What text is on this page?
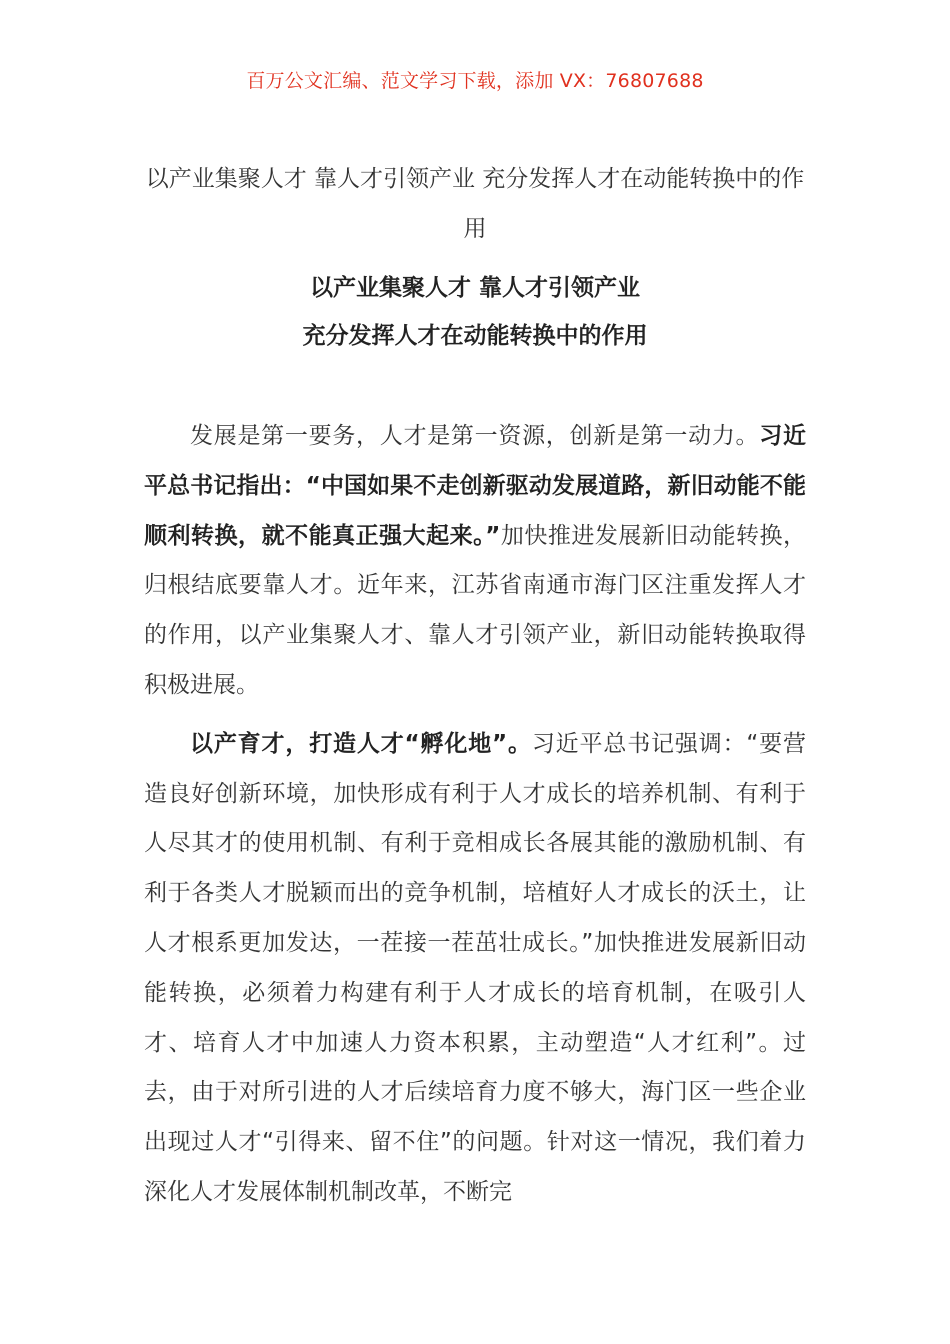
百万公文汇编、范文学习下载，添加 VX：76807688
以产业集聚人才 靠人才引领产业 充分发挥人才在动能转换中的作用
以产业集聚人才 靠人才引领产业
充分发挥人才在动能转换中的作用

发展是第一要务，人才是第一资源，创新是第一动力。习近平总书记指出：“中国如果不走创新驱动发展道路，新旧动能不能顺利转换，就不能真正强大起来。”加快推进发展新旧动能转换，归根结底要靠人才。近年来，江苏省南通市海门区注重发挥人才的作用，以产业集聚人才、靠人才引领产业，新旧动能转换取得积极进展。

以产育才，打造人才“孵化地”。习近平总书记强调：“要营造良好创新环境，加快形成有利于人才成长的培养机制、有利于人尽其才的使用机制、有利于竞相成长各展其能的激励机制、有利于各类人才脱颖而出的竞争机制，培植好人才成长的沃土，让人才根系更加发达，一茬接一茬茁壮成长。”加快推进发展新旧动能转换，必须着力构建有利于人才成长的培育机制，在吸引人才、培育人才中加速人力资本积累，主动塑造“人才红利”。过去，由于对所引进的人才后续培育力度不够大，海门区一些企业出现过人才“引得来、留不住”的问题。针对这一情况，我们着力深化人才发展体制机制改革，不断完
